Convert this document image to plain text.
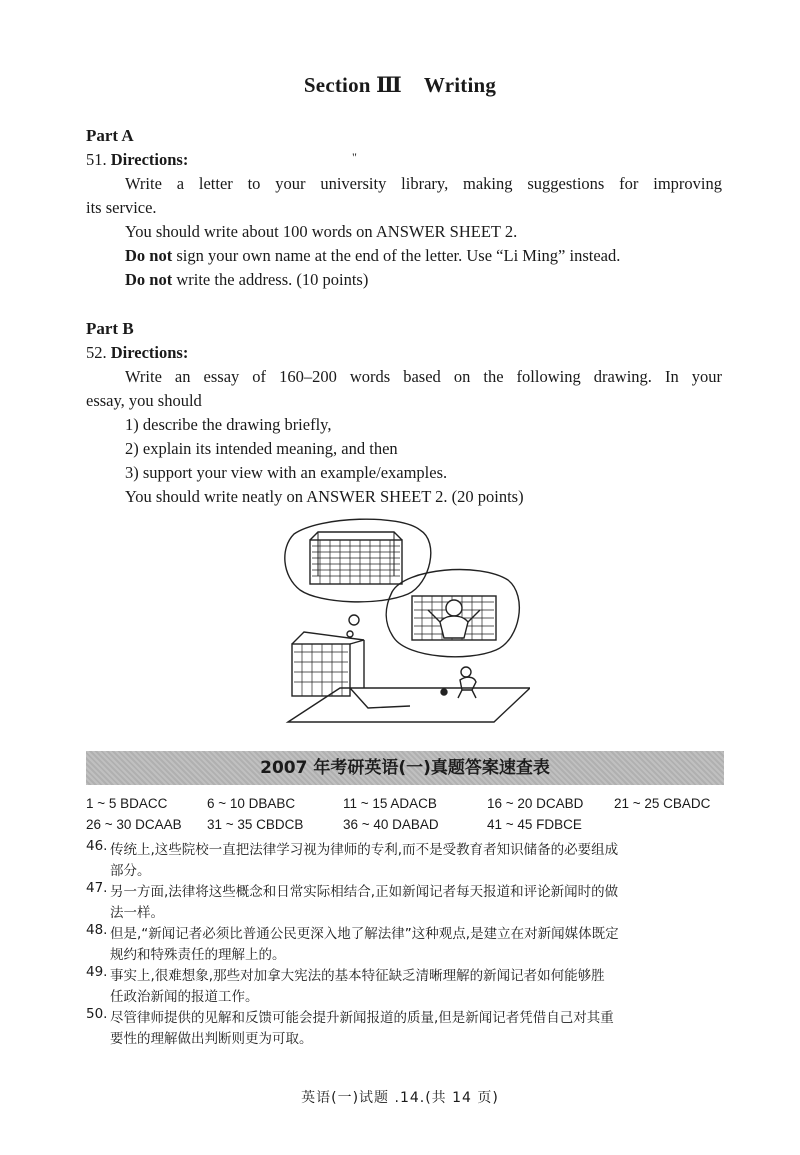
Section Ⅲ Writing
Part A
51. Directions:	"
Write a letter to your university library, making suggestions for improving
its service.
You should write about 100 words on ANSWER SHEET 2.
Do not sign your own name at the end of the letter. Use “Li Ming” instead.
Do not write the address. (10 points)
Part B
52. Directions:
Write an essay of 160–200 words based on the following drawing. In your
essay, you should
1) describe the drawing briefly,
2) explain its intended meaning, and then
3) support your view with an example/examples.
You should write neatly on ANSWER SHEET 2. (20 points)
2007 年考研英语(一)真题答案速查表
1 ~ 5 BDACC	6 ~ 10 DBABC	11 ~ 15 ADACB	16 ~ 20 DCABD 21 ~ 25 CBADC
26 ~ 30 DCAAB 31 ~ 35 CBDCB	36 ~ 40 DABAD	41 ~ 45 FDBCE
46. 传统上,这些院校一直把法律学习视为律师的专利,而不是受教育者知识储备的必要组成
部分。
47. 另一方面,法律将这些概念和日常实际相结合,正如新闻记者每天报道和评论新闻时的做
法一样。
48. 但是,“新闻记者必须比普通公民更深入地了解法律”这种观点,是建立在对新闻媒体既定
规约和特殊责任的理解上的。
49. 事实上,很难想象,那些对加拿大宪法的基本特征缺乏清晰理解的新闻记者如何能够胜
任政治新闻的报道工作。
50. 尽管律师提供的见解和反馈可能会提升新闻报道的质量,但是新闻记者凭借自己对其重
要性的理解做出判断则更为可取。
英语(一)试题 .14.(共 14 页)
